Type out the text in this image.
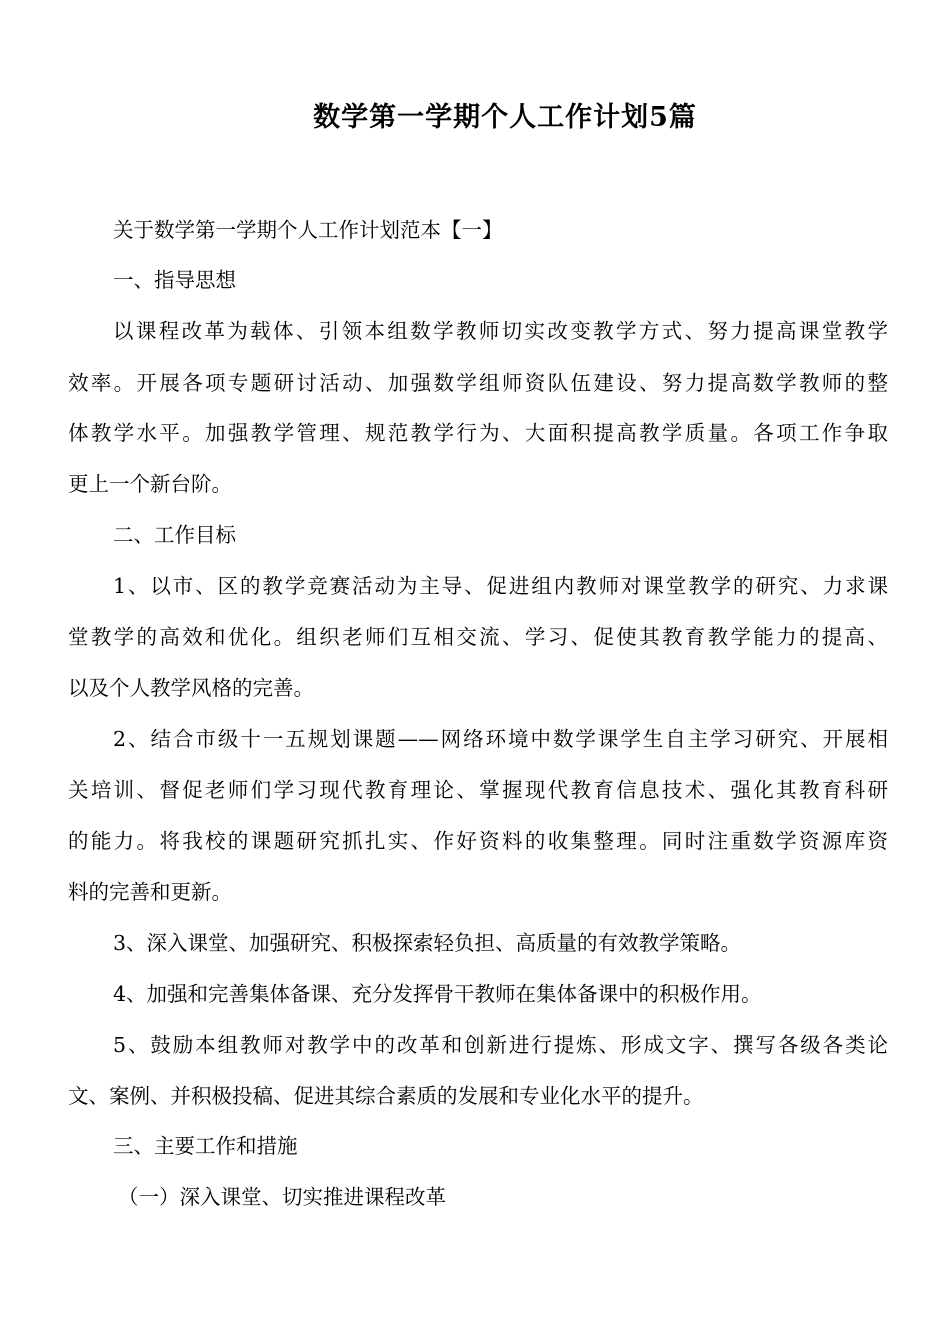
数学第一学期个人工作计划5篇
关于数学第一学期个人工作计划范本【一】
一、指导思想
以课程改革为载体、引领本组数学教师切实改变教学方式、努力提高课堂教学
效率。开展各项专题研讨活动、加强数学组师资队伍建设、努力提高数学教师的整
体教学水平。加强教学管理、规范教学行为、大面积提高教学质量。各项工作争取
更上一个新台阶。
二、工作目标
1、以市、区的教学竞赛活动为主导、促进组内教师对课堂教学的研究、力求课
堂教学的高效和优化。组织老师们互相交流、学习、促使其教育教学能力的提高、
以及个人教学风格的完善。
2、结合市级十一五规划课题——网络环境中数学课学生自主学习研究、开展相
关培训、督促老师们学习现代教育理论、掌握现代教育信息技术、强化其教育科研
的能力。将我校的课题研究抓扎实、作好资料的收集整理。同时注重数学资源库资
料的完善和更新。
3、深入课堂、加强研究、积极探索轻负担、高质量的有效教学策略。
4、加强和完善集体备课、充分发挥骨干教师在集体备课中的积极作用。
5、鼓励本组教师对教学中的改革和创新进行提炼、形成文字、撰写各级各类论
文、案例、并积极投稿、促进其综合素质的发展和专业化水平的提升。
三、主要工作和措施
（一）深入课堂、切实推进课程改革
